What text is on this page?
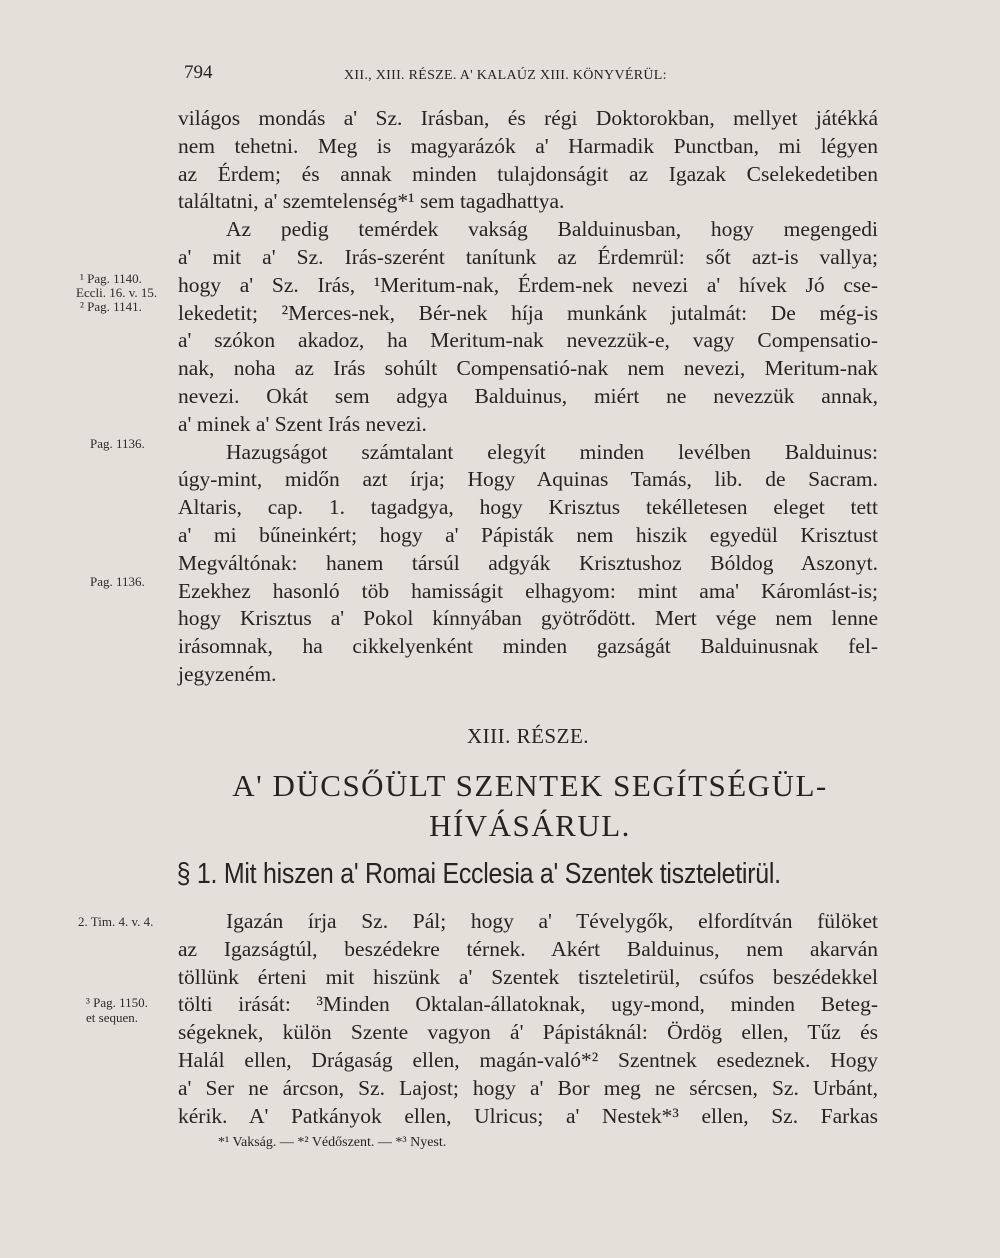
794	XII., XIII. RÉSZE. A' KALAÚZ XIII. KÖNYVÉRÜL:
világos mondás a' Sz. Irásban, és régi Doktorokban, mellyet játékká
nem tehetni. Meg is magyarázók a' Harmadik Punctban, mi légyen
az Érdem; és annak minden tulajdonságit az Igazak Cselekedetiben
találtatni, a' szemtelenség*¹ sem tagadhattya.
Az pedig temérdek vakság Balduinusban, hogy megengedi
a' mit a' Sz. Irás-szerént tanítunk az Érdemrül: sőt azt-is vallya;
hogy a' Sz. Irás, ¹Meritum-nak, Érdem-nek nevezi a' hívek Jó cse-
lekedetit; ²Merces-nek, Bér-nek híja munkánk jutalmát: De még-is
a' szókon akadoz, ha Meritum-nak nevezzük-e, vagy Compensatio-
nak, noha az Irás sohúlt Compensatió-nak nem nevezi, Meritum-nak
nevezi. Okát sem adgya Balduinus, miért ne nevezzük annak,
a' minek a' Szent Irás nevezi.
Hazugságot számtalant elegyít minden levélben Balduinus:
úgy-mint, midőn azt írja; Hogy Aquinas Tamás, lib. de Sacram.
Altaris, cap. 1. tagadgya, hogy Krisztus tekélletesen eleget tett
a' mi bűneinkért; hogy a' Pápisták nem hiszik egyedül Krisztust
Megváltónak: hanem társúl adgyák Krisztushoz Bóldog Aszonyt.
Ezekhez hasonló töb hamisságit elhagyom: mint ama' Káromlást-is;
hogy Krisztus a' Pokol kínnyában gyötrődött. Mert vége nem lenne
irásomnak, ha cikkelyenként minden gazságát Balduinusnak fel-
jegyzeném.
¹ Pag. 1140.
Eccli. 16. v. 15.
² Pag. 1141.
Pag. 1136.
Pag. 1136.
2. Tim. 4. v. 4.
³ Pag. 1150.
et sequen.
XIII. RÉSZE.
A' DÜCSŐÜLT SZENTEK SEGÍTSÉGÜL-
HÍVÁSÁRUL.
§ 1. Mit hiszen a' Romai Ecclesia a' Szentek tiszteletirül.
Igazán írja Sz. Pál; hogy a' Tévelygők, elfordítván fülöket
az Igazságtúl, beszédekre térnek. Akért Balduinus, nem akarván
töllünk érteni mit hiszünk a' Szentek tiszteletirül, csúfos beszédekkel
tölti irását: ³Minden Oktalan-állatoknak, ugy-mond, minden Beteg-
ségeknek, külön Szente vagyon á' Pápistáknál: Ördög ellen, Tűz és
Halál ellen, Drágaság ellen, magán-való*² Szentnek esedeznek. Hogy
a' Ser ne árcson, Sz. Lajost; hogy a' Bor meg ne sércsen, Sz. Urbánt,
kérik. A' Patkányok ellen, Ulricus; a' Nestek*³ ellen, Sz. Farkas
*¹ Vakság. — *² Védőszent. — *³ Nyest.
